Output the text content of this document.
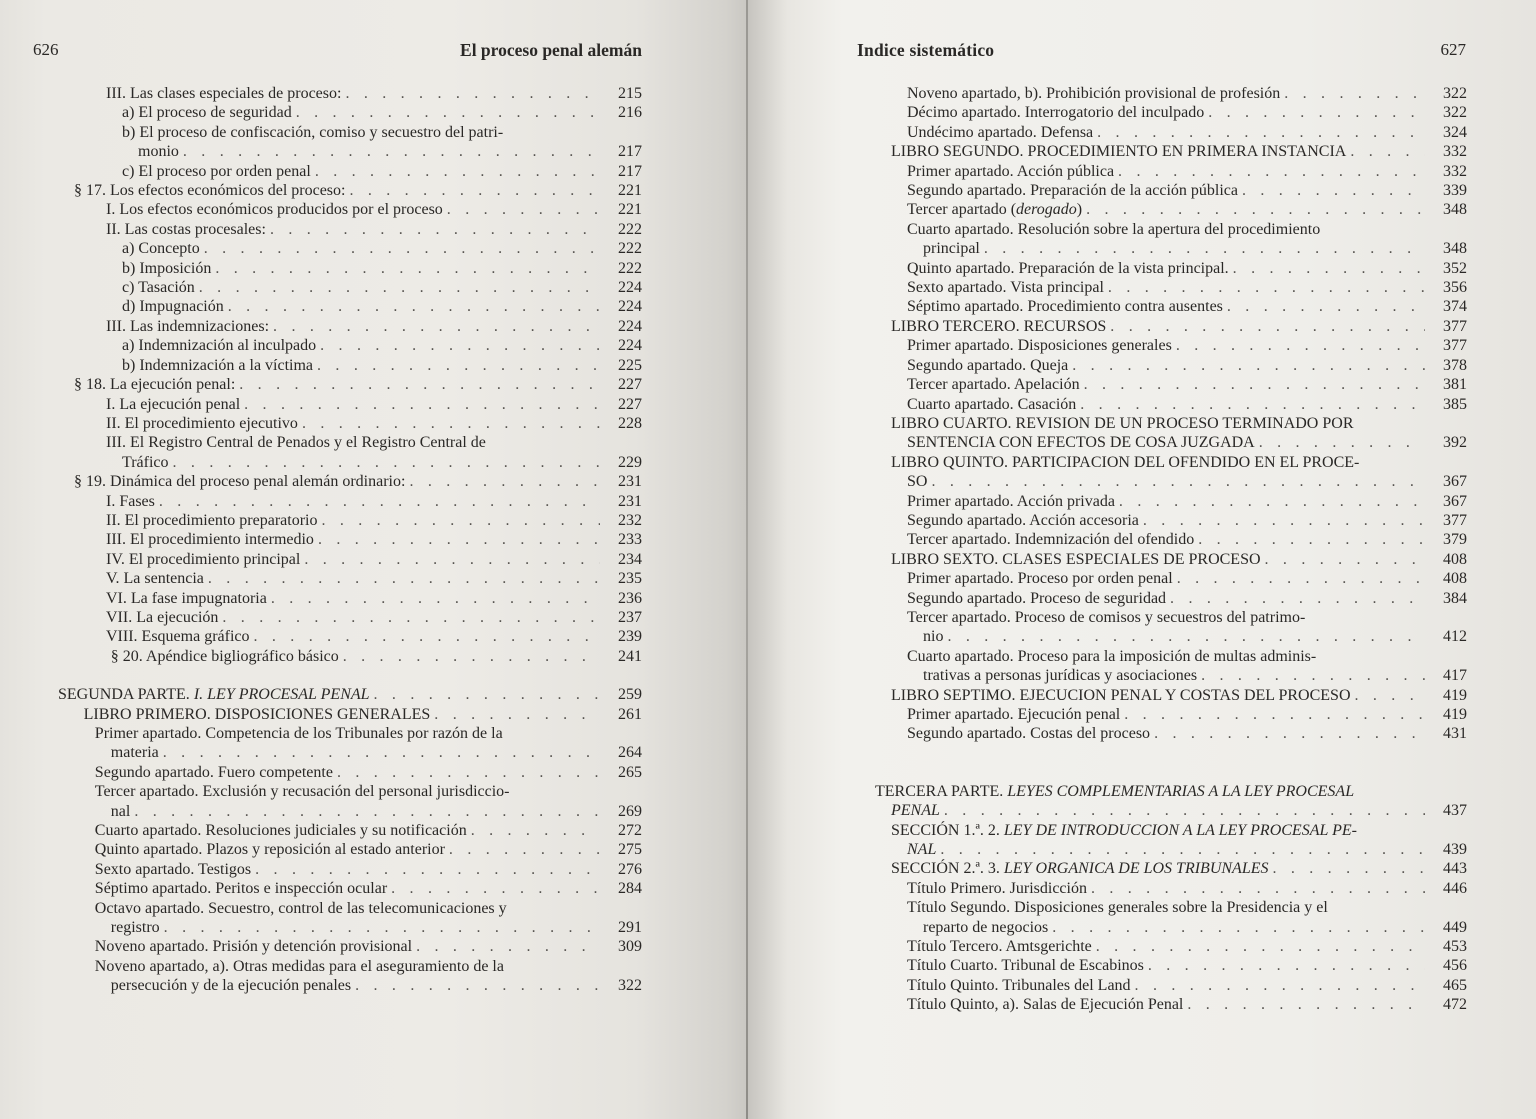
626	El proceso penal alemán
III. Las clases especiales de proceso: . . .	215
a) El proceso de seguridad . . .	216
b) El proceso de confiscación, comiso y secuestro del patri-
monio . . .	217
c) El proceso por orden penal . . .	217
§ 17. Los efectos económicos del proceso: . . .	221
I. Los efectos económicos producidos por el proceso . . .	221
II. Las costas procesales: . . .	222
a) Concepto . . .	222
b) Imposición . . .	222
c) Tasación . . .	224
d) Impugnación . . .	224
III. Las indemnizaciones: . . .	224
a) Indemnización al inculpado . . .	224
b) Indemnización a la víctima . . .	225
§ 18. La ejecución penal: . . .	227
I. La ejecución penal . . .	227
II. El procedimiento ejecutivo . . .	228
III. El Registro Central de Penados y el Registro Central de
Tráfico . . .	229
§ 19. Dinámica del proceso penal alemán ordinario: . . .	231
I. Fases . . .	231
II. El procedimiento preparatorio . . .	232
III. El procedimiento intermedio . . .	233
IV. El procedimiento principal . . .	234
V. La sentencia . . .	235
VI. La fase impugnatoria . . .	236
VII. La ejecución . . .	237
VIII. Esquema gráfico . . .	239
§ 20. Apéndice bigliográfico básico . . .	241
SEGUNDA PARTE. I. LEY PROCESAL PENAL . . .	259
LIBRO PRIMERO. DISPOSICIONES GENERALES . . .	261
Primer apartado. Competencia de los Tribunales por razón de la
materia . . .	264
Segundo apartado. Fuero competente . . .	265
Tercer apartado. Exclusión y recusación del personal jurisdiccio-
nal . . .	269
Cuarto apartado. Resoluciones judiciales y su notificación . . .	272
Quinto apartado. Plazos y reposición al estado anterior . . .	275
Sexto apartado. Testigos . . .	276
Séptimo apartado. Peritos e inspección ocular . . .	284
Octavo apartado. Secuestro, control de las telecomunicaciones y
registro . . .	291
Noveno apartado. Prisión y detención provisional . . .	309
Noveno apartado, a). Otras medidas para el aseguramiento de la
persecución y de la ejecución penales . . .	322
Indice sistemático	627
Noveno apartado, b). Prohibición provisional de profesión . . .	322
Décimo apartado. Interrogatorio del inculpado . . .	322
Undécimo apartado. Defensa . . .	324
LIBRO SEGUNDO. PROCEDIMIENTO EN PRIMERA INSTANCIA . . .	332
Primer apartado. Acción pública . . .	332
Segundo apartado. Preparación de la acción pública . . .	339
Tercer apartado (derogado) . . .	348
Cuarto apartado. Resolución sobre la apertura del procedimiento
principal . . .	348
Quinto apartado. Preparación de la vista principal. . . .	352
Sexto apartado. Vista principal . . .	356
Séptimo apartado. Procedimiento contra ausentes . . .	374
LIBRO TERCERO. RECURSOS . . .	377
Primer apartado. Disposiciones generales . . .	377
Segundo apartado. Queja . . .	378
Tercer apartado. Apelación . . .	381
Cuarto apartado. Casación . . .	385
LIBRO CUARTO. REVISION DE UN PROCESO TERMINADO POR
SENTENCIA CON EFECTOS DE COSA JUZGADA . . .	392
LIBRO QUINTO. PARTICIPACION DEL OFENDIDO EN EL PROCE-
SO . . .	367
Primer apartado. Acción privada . . .	367
Segundo apartado. Acción accesoria . . .	377
Tercer apartado. Indemnización del ofendido . . .	379
LIBRO SEXTO. CLASES ESPECIALES DE PROCESO . . .	408
Primer apartado. Proceso por orden penal . . .	408
Segundo apartado. Proceso de seguridad . . .	384
Tercer apartado. Proceso de comisos y secuestros del patrimo-
nio . . .	412
Cuarto apartado. Proceso para la imposición de multas adminis-
trativas a personas jurídicas y asociaciones . . .	417
LIBRO SEPTIMO. EJECUCION PENAL Y COSTAS DEL PROCESO . . .	419
Primer apartado. Ejecución penal . . .	419
Segundo apartado. Costas del proceso . . .	431
TERCERA PARTE. LEYES COMPLEMENTARIAS A LA LEY PROCESAL
PENAL . . .	437
SECCIÓN 1.ª. 2. LEY DE INTRODUCCION A LA LEY PROCESAL PE-
NAL . . .	439
SECCIÓN 2.ª. 3. LEY ORGANICA DE LOS TRIBUNALES . . .	443
Título Primero. Jurisdicción . . .	446
Título Segundo. Disposiciones generales sobre la Presidencia y el
reparto de negocios . . .	449
Título Tercero. Amtsgerichte . . .	453
Título Cuarto. Tribunal de Escabinos . . .	456
Título Quinto. Tribunales del Land . . .	465
Título Quinto, a). Salas de Ejecución Penal . . .	472
